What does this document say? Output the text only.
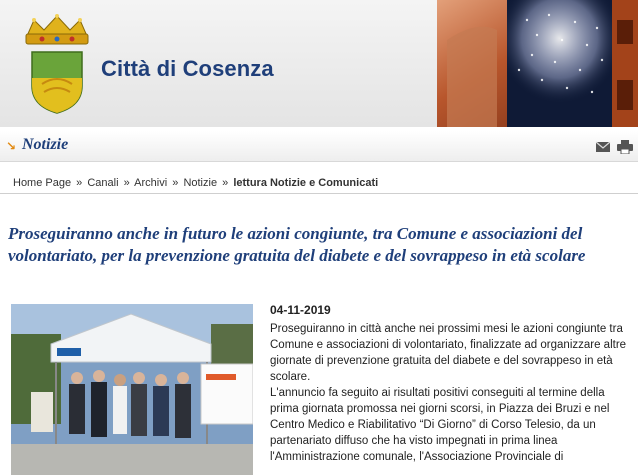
Città di Cosenza
↘ Notizie
Home Page » Canali » Archivi » Notizie » lettura Notizie e Comunicati
Proseguiranno anche in futuro le azioni congiunte, tra Comune e associazioni del volontariato, per la prevenzione gratuita del diabete e del sovrappeso in età scolare
04-11-2019

Proseguiranno in città anche nei prossimi mesi le azioni congiunte tra Comune e associazioni di volontariato, finalizzate ad organizzare altre giornate di prevenzione gratuita del diabete e del sovrappeso in età scolare.

L'annuncio fa seguito ai risultati positivi conseguiti al termine della prima giornata promossa nei giorni scorsi, in Piazza dei Bruzi e nel Centro Medico e Riabilitativo “Di Giorno” di Corso Telesio, da un partenariato diffuso che ha visto impegnati in prima linea l'Amministrazione comunale, l'Associazione Provinciale di
